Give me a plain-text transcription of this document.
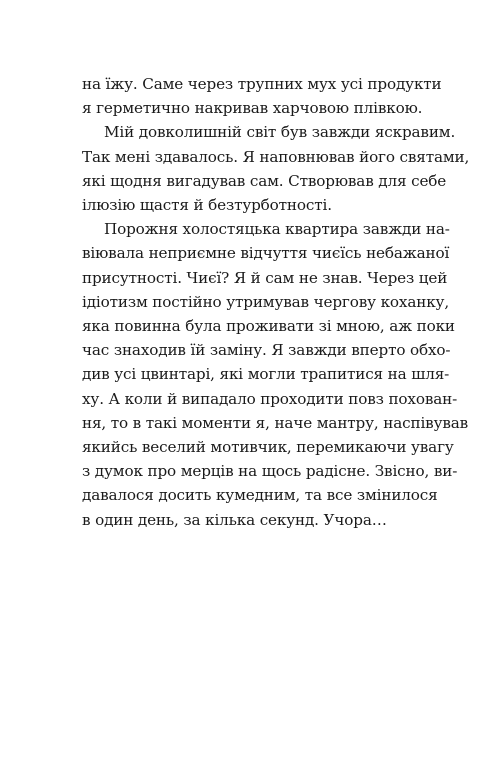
на їжу. Саме через трупних мух усі продукти
я герметично накривав харчовою плівкою.
Мій довколишній світ був завжди яскравим.
Так мені здавалось. Я наповнював його святами,
які щодня вигадував сам. Створював для себе
ілюзію щастя й безтурботності.
Порожня холостяцька квартира завжди на-
віювала неприємне відчуття чиєїсь небажаної
присутності. Чиєї? Я й сам не знав. Через цей
ідіотизм постійно утримував чергову коханку,
яка повинна була проживати зі мною, аж поки
час знаходив їй заміну. Я завжди вперто обхо-
див усі цвинтарі, які могли трапитися на шля-
ху. А коли й випадало проходити повз похован-
ня, то в такі моменти я, наче мантру, наспівував
якийсь веселий мотивчик, перемикаючи увагу
з думок про мерців на щось радісне. Звісно, ви-
давалося досить кумедним, та все змінилося
в один день, за кілька секунд. Учора…
